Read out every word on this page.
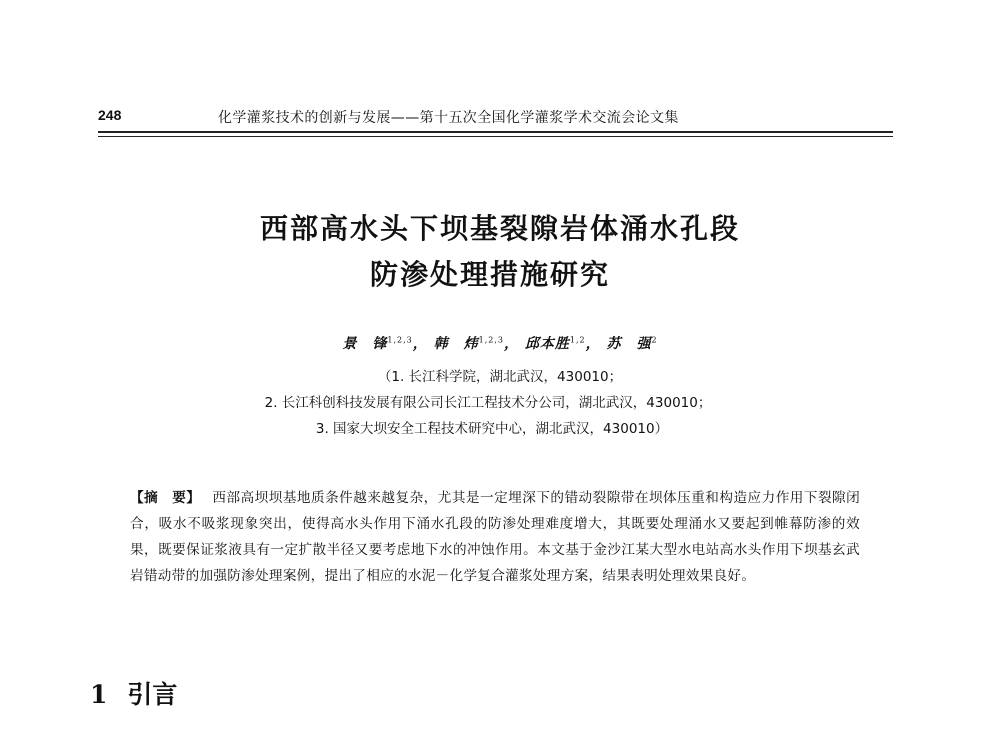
248	化学灌浆技术的创新与发展——第十五次全国化学灌浆学术交流会论文集
西部高水头下坝基裂隙岩体涌水孔段
防渗处理措施研究
景　锋$^{1,2,3}$， 韩　炜$^{1,2,3}$， 邱本胜$^{1,2}$， 苏　强$^2$
（1. 长江科学院，湖北武汉，430010；
2. 长江科创科技发展有限公司长江工程技术分公司，湖北武汉，430010；
3. 国家大坝安全工程技术研究中心，湖北武汉，430010）
【摘　要】 西部高坝坝基地质条件越来越复杂，尤其是一定埋深下的错动裂隙带在坝体压重和构造应力作用下裂隙闭合，吸水不吸浆现象突出，使得高水头作用下涌水孔段的防渗处理难度增大，其既要处理涌水又要起到帷幕防渗的效果，既要保证浆液具有一定扩散半径又要考虑地下水的冲蚀作用。本文基于金沙江某大型水电站高水头作用下坝基玄武岩错动带的加强防渗处理案例，提出了相应的水泥－化学复合灌浆处理方案，结果表明处理效果良好。
1 引言
